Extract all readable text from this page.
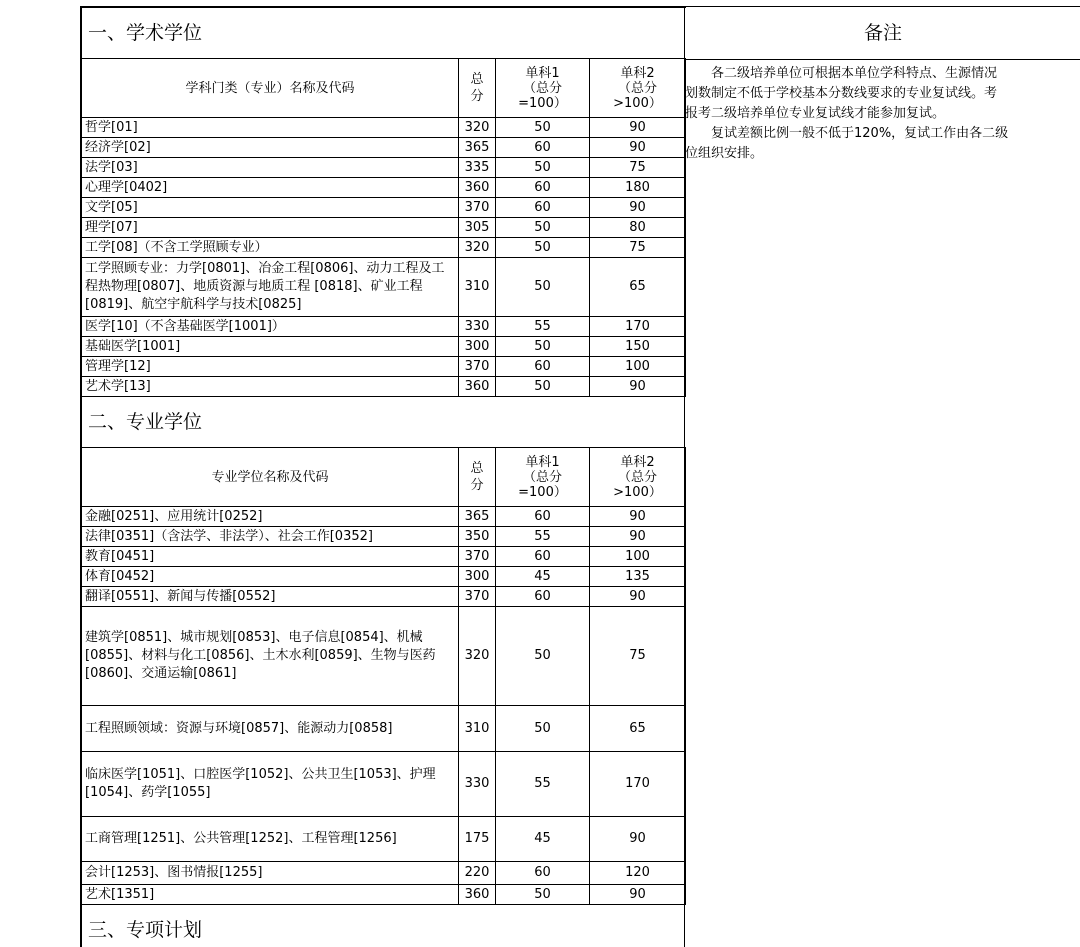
一、学术学位			
学科门类（专业）名称及代码	总分	单科1（总分=100）	单科2（总分>100）
哲学[01]	320	50	90
经济学[02]	365	60	90
法学[03]	335	50	75
心理学[0402]	360	60	180
文学[05]	370	60	90
理学[07]	305	50	80
工学[08]（不含工学照顾专业）	320	50	75
工学照顾专业：力学[0801]、冶金工程[0806]、动力工程及工程热物理[0807]、地质资源与地质工程 [0818]、矿业工程[0819]、航空宇航科学与技术[0825]	310	50	65
医学[10]（不含基础医学[1001]）	330	55	170
基础医学[1001]	300	50	150
管理学[12]	370	60	100
艺术学[13]	360	50	90
二、专业学位			
专业学位名称及代码	总分	单科1（总分=100）	单科2（总分>100）
金融[0251]、应用统计[0252]	365	60	90
法律[0351]（含法学、非法学）、社会工作[0352]	350	55	90
教育[0451]	370	60	100
体育[0452]	300	45	135
翻译[0551]、新闻与传播[0552]	370	60	90
建筑学[0851]、城市规划[0853]、电子信息[0854]、机械[0855]、材料与化工[0856]、土木水利[0859]、生物与医药[0860]、交通运输[0861]	320	50	75
工程照顾领域：资源与环境[0857]、能源动力[0858]	310	50	65
临床医学[1051]、口腔医学[1052]、公共卫生[1053]、护理[1054]、药学[1055]	330	55	170
工商管理[1251]、公共管理[1252]、工程管理[1256]	175	45	90
会计[1253]、图书情报[1255]	220	60	120
艺术[1351]	360	50	90
三、专项计划			
备注

各二级培养单位可根据本单位学科特点、生源情况

划数制定不低于学校基本分数线要求的专业复试线。考

报考二级培养单位专业复试线才能参加复试。

复试差额比例一般不低于120%，复试工作由各二级

位组织安排。
